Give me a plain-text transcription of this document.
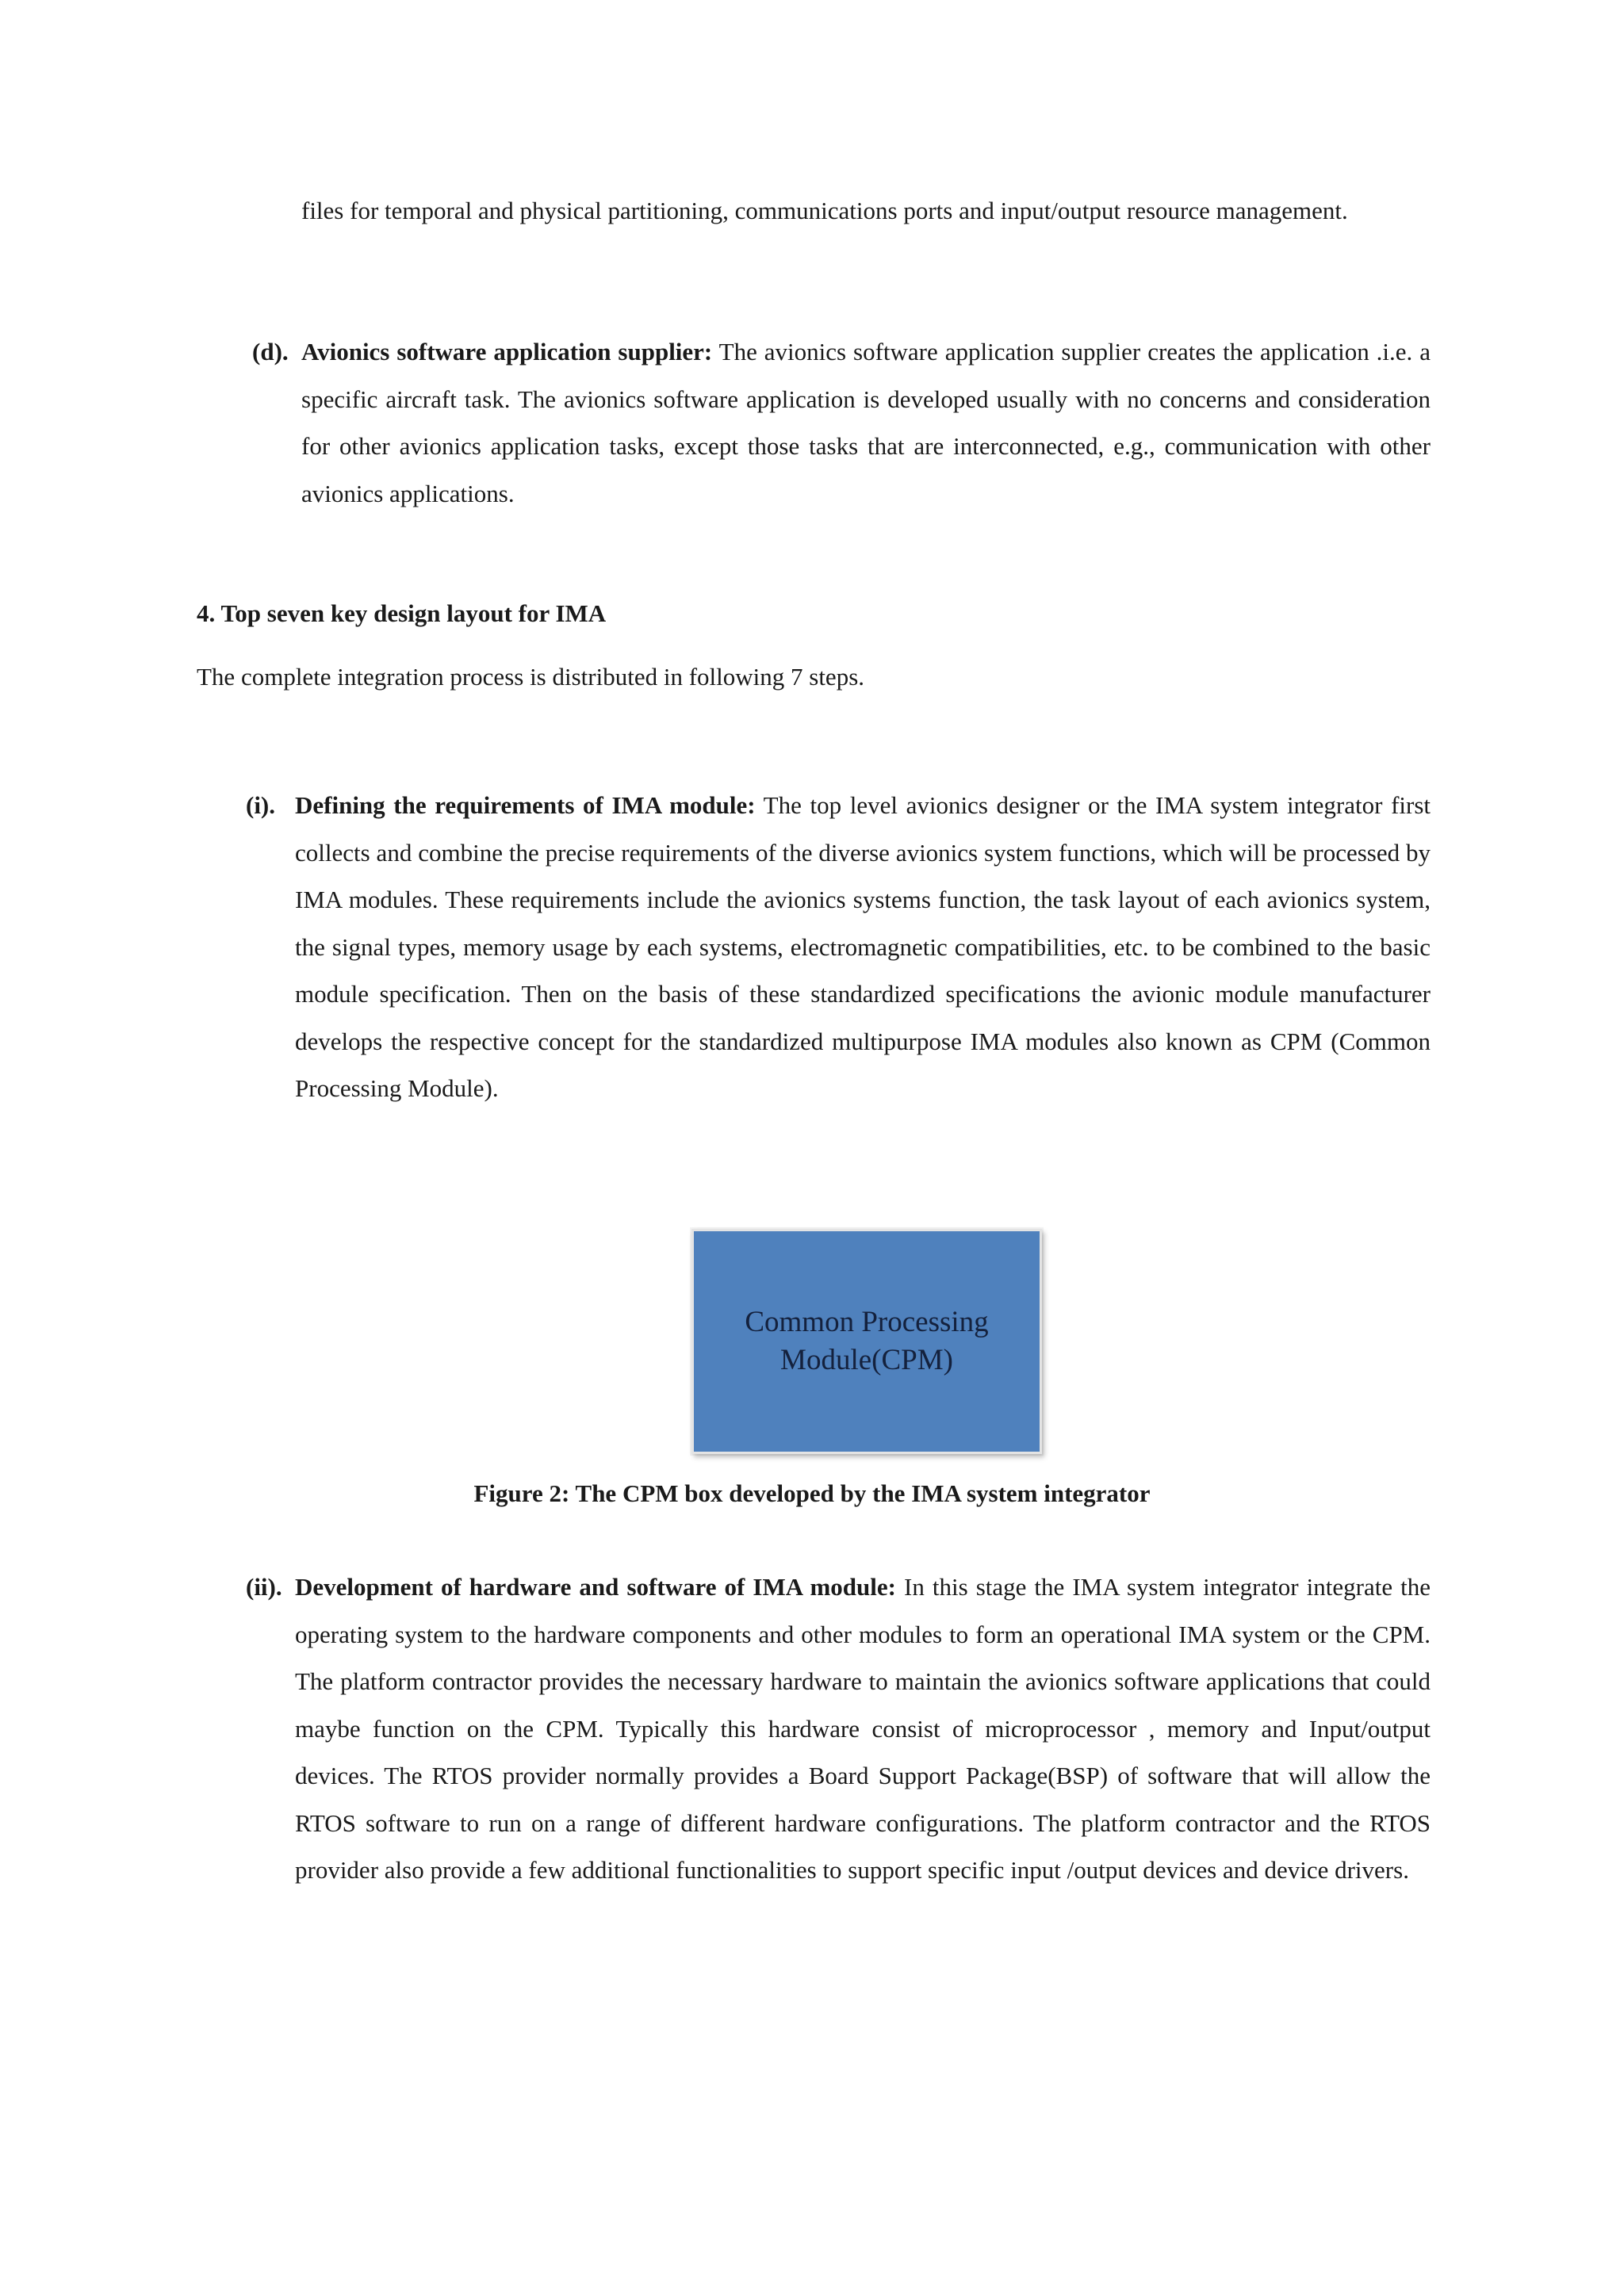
files for temporal and physical partitioning, communications ports and input/output resource management.
(d). Avionics software application supplier: The avionics software application supplier creates the application .i.e. a specific aircraft task. The avionics software application is developed usually with no concerns and consideration for other avionics application tasks, except those tasks that are interconnected, e.g., communication with other avionics applications.
4. Top seven key design layout for IMA
The complete integration process is distributed in following 7 steps.
(i). Defining the requirements of IMA module: The top level avionics designer or the IMA system integrator first collects and combine the precise requirements of the diverse avionics system functions, which will be processed by IMA modules. These requirements include the avionics systems function, the task layout of each avionics system, the signal types, memory usage by each systems, electromagnetic compatibilities, etc. to be combined to the basic module specification. Then on the basis of these standardized specifications the avionic module manufacturer develops the respective concept for the standardized multipurpose IMA modules also known as CPM (Common Processing Module).
Common Processing
Module(CPM)
Figure 2: The CPM box developed by the IMA system integrator
(ii). Development of hardware and software of IMA module: In this stage the IMA system integrator integrate the operating system to the hardware components and other modules to form an operational IMA system or the CPM. The platform contractor provides the necessary hardware to maintain the avionics software applications that could maybe function on the CPM. Typically this hardware consist of microprocessor , memory and Input/output devices. The RTOS provider normally provides a Board Support Package(BSP) of software that will allow the RTOS software to run on a range of different hardware configurations. The platform contractor and the RTOS provider also provide a few additional functionalities to support specific input /output devices and device drivers.
